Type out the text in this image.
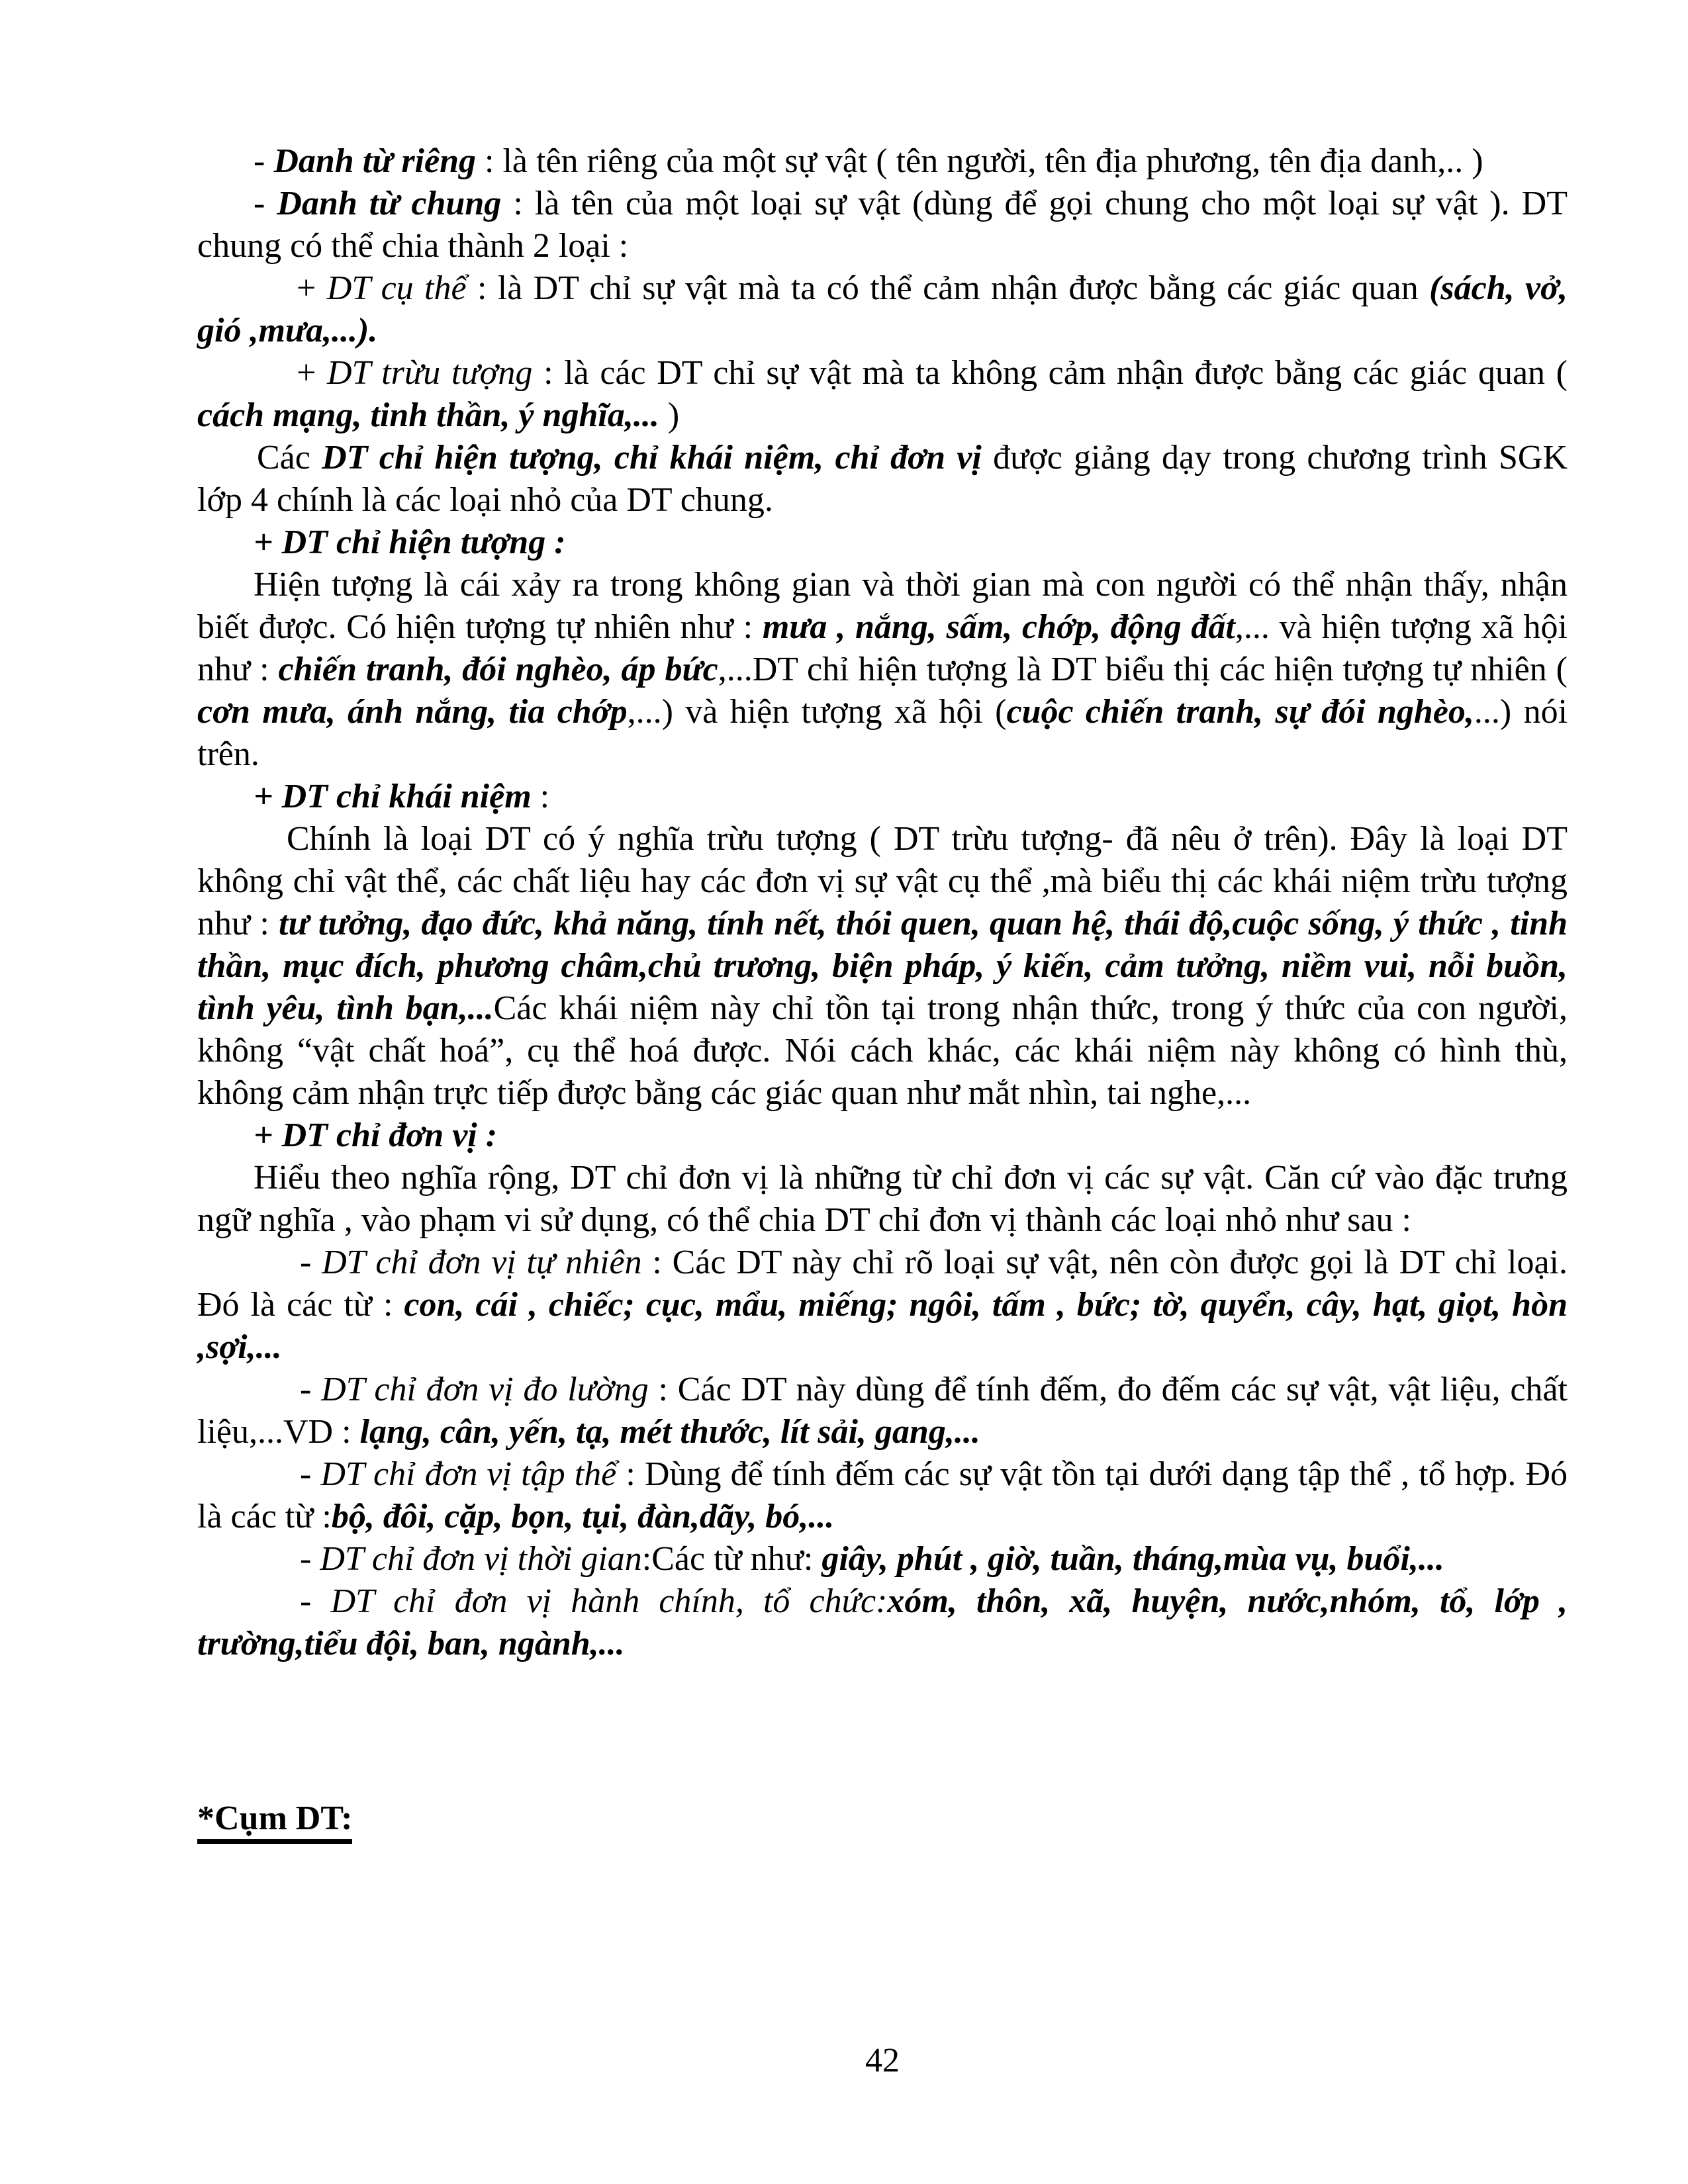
- Danh từ riêng : là tên riêng của một sự vật ( tên người, tên địa phương, tên địa danh,.. )

- Danh từ chung : là tên của một loại sự vật (dùng để gọi chung cho một loại sự vật ). DT chung có thể chia thành 2 loại :

+ DT cụ thể : là DT chỉ sự vật mà ta có thể cảm nhận được bằng các giác quan (sách, vở, gió ,mưa,...).

+ DT trừu tượng : là các DT chỉ sự vật mà ta không cảm nhận được bằng các giác quan ( cách mạng, tinh thần, ý nghĩa,... )

Các DT chỉ hiện tượng, chỉ khái niệm, chỉ đơn vị được giảng dạy trong chương trình SGK lớp 4 chính là các loại nhỏ của DT chung.

+ DT chỉ hiện tượng :

Hiện tượng là cái xảy ra trong không gian và thời gian mà con người có thể nhận thấy, nhận biết được. Có hiện tượng tự nhiên như : mưa , nắng, sấm, chớp, động đất,... và hiện tượng xã hội như : chiến tranh, đói nghèo, áp bức,...DT chỉ hiện tượng là DT biểu thị các hiện tượng tự nhiên ( cơn mưa, ánh nắng, tia chớp,...) và hiện tượng xã hội (cuộc chiến tranh, sự đói nghèo,...) nói trên.

+ DT chỉ khái niệm :

Chính là loại DT có ý nghĩa trừu tượng ( DT trừu tượng- đã nêu ở trên). Đây là loại DT không chỉ vật thể, các chất liệu hay các đơn vị sự vật cụ thể ,mà biểu thị các khái niệm trừu tượng như : tư tưởng, đạo đức, khả năng, tính nết, thói quen, quan hệ, thái độ,cuộc sống, ý thức , tinh thần, mục đích, phương châm,chủ trương, biện pháp, ý kiến, cảm tưởng, niềm vui, nỗi buồn, tình yêu, tình bạn,...Các khái niệm này chỉ tồn tại trong nhận thức, trong ý thức của con người, không “vật chất hoá”, cụ thể hoá được. Nói cách khác, các khái niệm này không có hình thù, không cảm nhận trực tiếp được bằng các giác quan như mắt nhìn, tai nghe,...

+ DT chỉ đơn vị :

Hiểu theo nghĩa rộng, DT chỉ đơn vị là những từ chỉ đơn vị các sự vật. Căn cứ vào đặc trưng ngữ nghĩa , vào phạm vi sử dụng, có thể chia DT chỉ đơn vị thành các loại nhỏ như sau :

- DT chỉ đơn vị tự nhiên : Các DT này chỉ rõ loại sự vật, nên còn được gọi là DT chỉ loại. Đó là các từ : con, cái , chiếc; cục, mẩu, miếng; ngôi, tấm , bức; tờ, quyển, cây, hạt, giọt, hòn ,sợi,...

- DT chỉ đơn vị đo lường : Các DT này dùng để tính đếm, đo đếm các sự vật, vật liệu, chất liệu,...VD : lạng, cân, yến, tạ, mét thước, lít sải, gang,...

- DT chỉ đơn vị tập thể : Dùng để tính đếm các sự vật tồn tại dưới dạng tập thể , tổ hợp. Đó là các từ :bộ, đôi, cặp, bọn, tụi, đàn,dãy, bó,...

- DT chỉ đơn vị thời gian:Các từ như: giây, phút , giờ, tuần, tháng,mùa vụ, buổi,...

- DT chỉ đơn vị hành chính, tổ chức:xóm, thôn, xã, huyện, nước,nhóm, tổ, lớp , trường,tiểu đội, ban, ngành,...

*Cụm DT:

42
